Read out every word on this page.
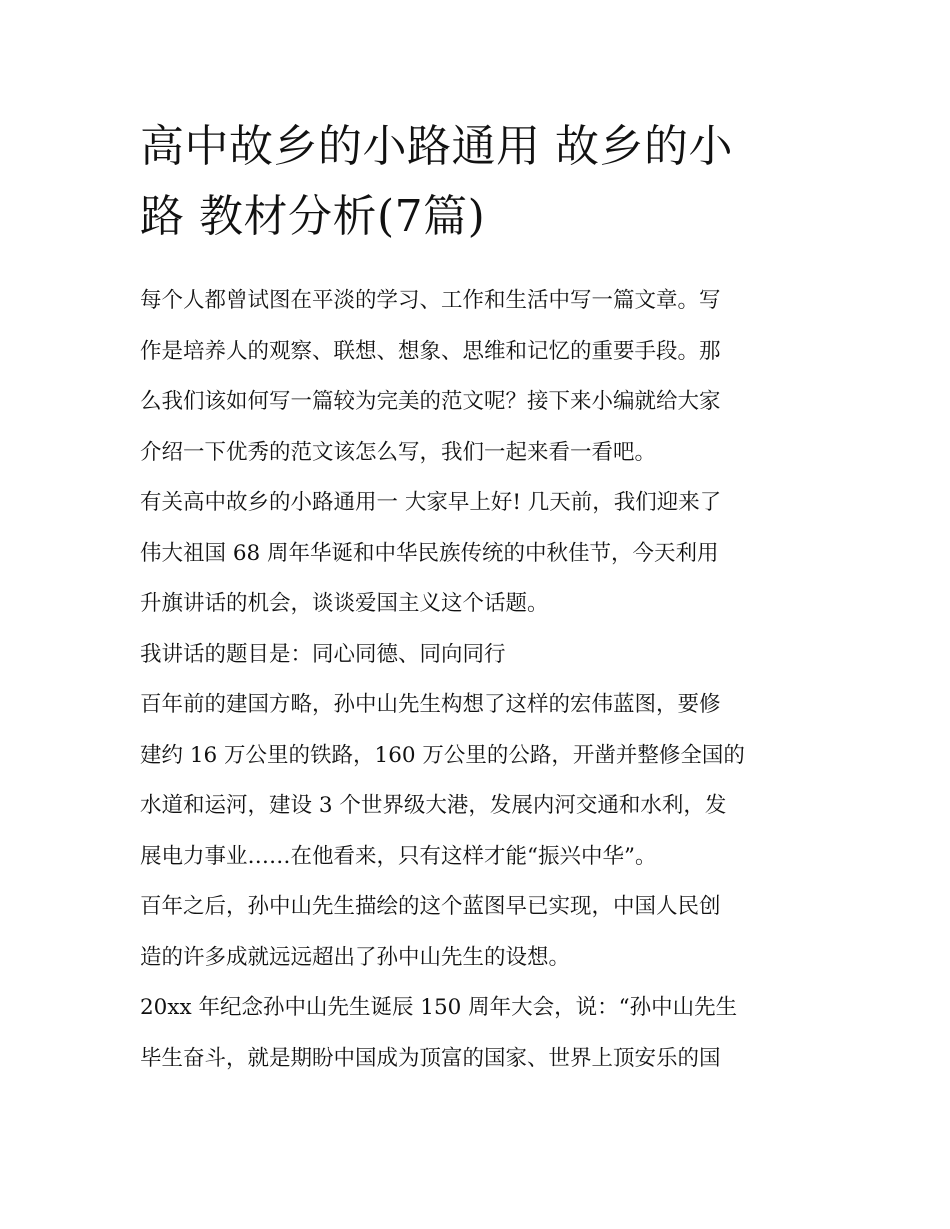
高中故乡的小路通用 故乡的小
路 教材分析(7篇)

每个人都曾试图在平淡的学习、工作和生活中写一篇文章。写
作是培养人的观察、联想、想象、思维和记忆的重要手段。那
么我们该如何写一篇较为完美的范文呢？接下来小编就给大家
介绍一下优秀的范文该怎么写，我们一起来看一看吧。

有关高中故乡的小路通用一 大家早上好! 几天前，我们迎来了
伟大祖国 68 周年华诞和中华民族传统的中秋佳节，今天利用
升旗讲话的机会，谈谈爱国主义这个话题。

我讲话的题目是：同心同德、同向同行

百年前的建国方略，孙中山先生构想了这样的宏伟蓝图，要修
建约 16 万公里的铁路，160 万公里的公路，开凿并整修全国的
水道和运河，建设 3 个世界级大港，发展内河交通和水利，发
展电力事业……在他看来，只有这样才能“振兴中华”。

百年之后，孙中山先生描绘的这个蓝图早已实现，中国人民创
造的许多成就远远超出了孙中山先生的设想。

20xx 年纪念孙中山先生诞辰 150 周年大会，说：“孙中山先生
毕生奋斗，就是期盼中国成为顶富的国家、世界上顶安乐的国
